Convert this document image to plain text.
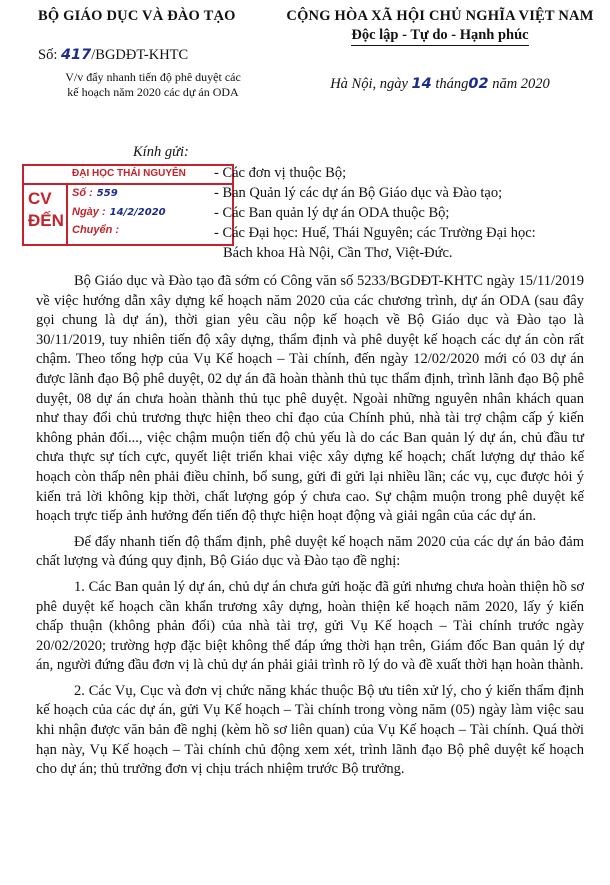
BỘ GIÁO DỤC VÀ ĐÀO TẠO
Số: 417/BGDĐT-KHTC
V/v đẩy nhanh tiến độ phê duyệt các
kế hoạch năm 2020 các dự án ODA
CỘNG HÒA XÃ HỘI CHỦ NGHĨA VIỆT NAM
Độc lập - Tự do - Hạnh phúc
Hà Nội, ngày 14 tháng02 năm 2020
Kính gửi:
ĐẠI HỌC THÁI NGUYÊN
CV
ĐẾN
Số : 559
Ngày : 14/2/2020
Chuyển :
- Các đơn vị thuộc Bộ;
- Ban Quản lý các dự án Bộ Giáo dục và Đào tạo;
- Các Ban quản lý dự án ODA thuộc Bộ;
- Các Đại học: Huế, Thái Nguyên; các Trường Đại học:
Bách khoa Hà Nội, Cần Thơ, Việt-Đức.

Bộ Giáo dục và Đào tạo đã sớm có Công văn số 5233/BGDĐT-KHTC ngày 15/11/2019 về việc hướng dẫn xây dựng kế hoạch năm 2020 của các chương trình, dự án ODA (sau đây gọi chung là dự án), thời gian yêu cầu nộp kế hoạch về Bộ Giáo dục và Đào tạo là 30/11/2019, tuy nhiên tiến độ xây dựng, thẩm định và phê duyệt kế hoạch các dự án còn rất chậm. Theo tổng hợp của Vụ Kế hoạch – Tài chính, đến ngày 12/02/2020 mới có 03 dự án được lãnh đạo Bộ phê duyệt, 02 dự án đã hoàn thành thủ tục thẩm định, trình lãnh đạo Bộ phê duyệt, 08 dự án chưa hoàn thành thủ tục phê duyệt. Ngoài những nguyên nhân khách quan như thay đổi chủ trương thực hiện theo chỉ đạo của Chính phủ, nhà tài trợ chậm cấp ý kiến không phản đối..., việc chậm muộn tiến độ chủ yếu là do các Ban quản lý dự án, chủ đầu tư chưa thực sự tích cực, quyết liệt triển khai việc xây dựng kế hoạch; chất lượng dự thảo kế hoạch còn thấp nên phải điều chỉnh, bổ sung, gửi đi gửi lại nhiều lần; các vụ, cục được hỏi ý kiến trả lời không kịp thời, chất lượng góp ý chưa cao. Sự chậm muộn trong phê duyệt kế hoạch trực tiếp ảnh hưởng đến tiến độ thực hiện hoạt động và giải ngân của các dự án.

Để đẩy nhanh tiến độ thẩm định, phê duyệt kế hoạch năm 2020 của các dự án bảo đảm chất lượng và đúng quy định, Bộ Giáo dục và Đào tạo đề nghị:

1. Các Ban quản lý dự án, chủ dự án chưa gửi hoặc đã gửi nhưng chưa hoàn thiện hồ sơ phê duyệt kế hoạch cần khẩn trương xây dựng, hoàn thiện kế hoạch năm 2020, lấy ý kiến chấp thuận (không phản đối) của nhà tài trợ, gửi Vụ Kế hoạch – Tài chính trước ngày 20/02/2020; trường hợp đặc biệt không thể đáp ứng thời hạn trên, Giám đốc Ban quản lý dự án, người đứng đầu đơn vị là chủ dự án phải giải trình rõ lý do và đề xuất thời hạn hoàn thành.

2. Các Vụ, Cục và đơn vị chức năng khác thuộc Bộ ưu tiên xử lý, cho ý kiến thẩm định kế hoạch của các dự án, gửi Vụ Kế hoạch – Tài chính trong vòng năm (05) ngày làm việc sau khi nhận được văn bản đề nghị (kèm hồ sơ liên quan) của Vụ Kế hoạch – Tài chính. Quá thời hạn này, Vụ Kế hoạch – Tài chính chủ động xem xét, trình lãnh đạo Bộ phê duyệt kế hoạch cho dự án; thủ trưởng đơn vị chịu trách nhiệm trước Bộ trưởng.
